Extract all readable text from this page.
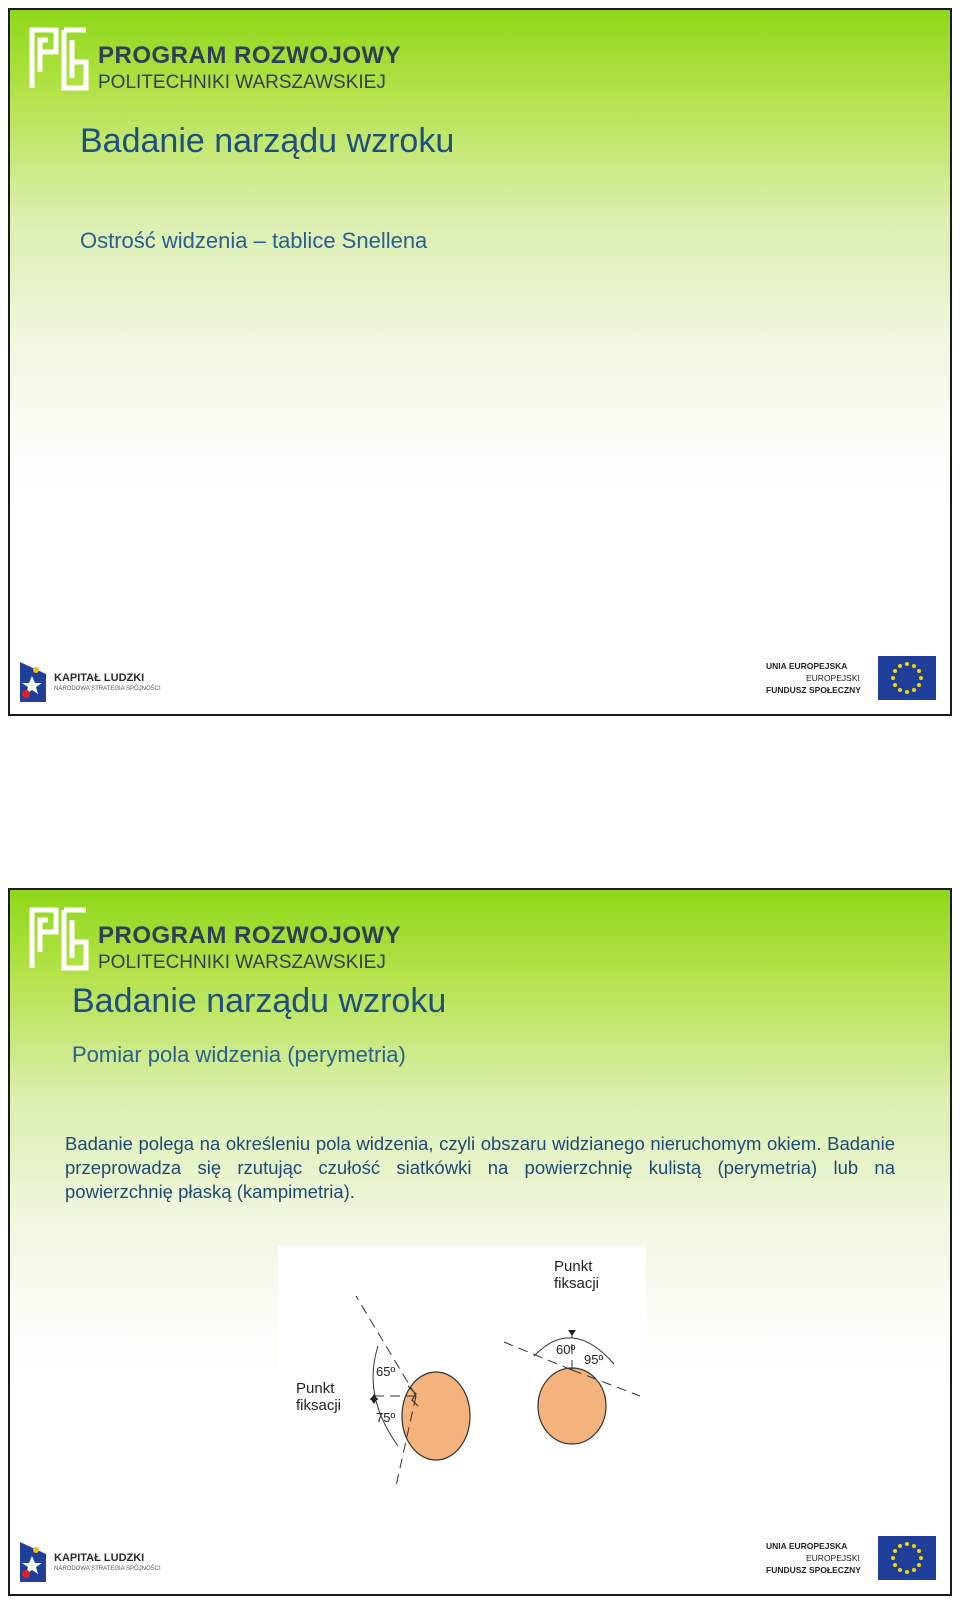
PROGRAM ROZWOJOWY
POLITECHNIKI WARSZAWSKIEJ
Badanie narządu wzroku
Ostrość widzenia – tablice Snellena
KAPITAŁ LUDZKI
NARODOWA STRATEGIA SPÓJNOŚCI
UNIA EUROPEJSKA
EUROPEJSKI
FUNDUSZ SPOŁECZNY
PROGRAM ROZWOJOWY
POLITECHNIKI WARSZAWSKIEJ
Badanie narządu wzroku
Pomiar pola widzenia (perymetria)
Badanie polega na określeniu pola widzenia, czyli obszaru widzianego nieruchomym okiem. Badanie przeprowadza się rzutując czułość siatkówki na powierzchnię kulistą (perymetria) lub na powierzchnię płaską (kampimetria).
Punkt
fiksacji
Punkt
fiksacji
65º
75º
60º
95º
KAPITAŁ LUDZKI
NARODOWA STRATEGIA SPÓJNOŚCI
UNIA EUROPEJSKA
EUROPEJSKI
FUNDUSZ SPOŁECZNY
